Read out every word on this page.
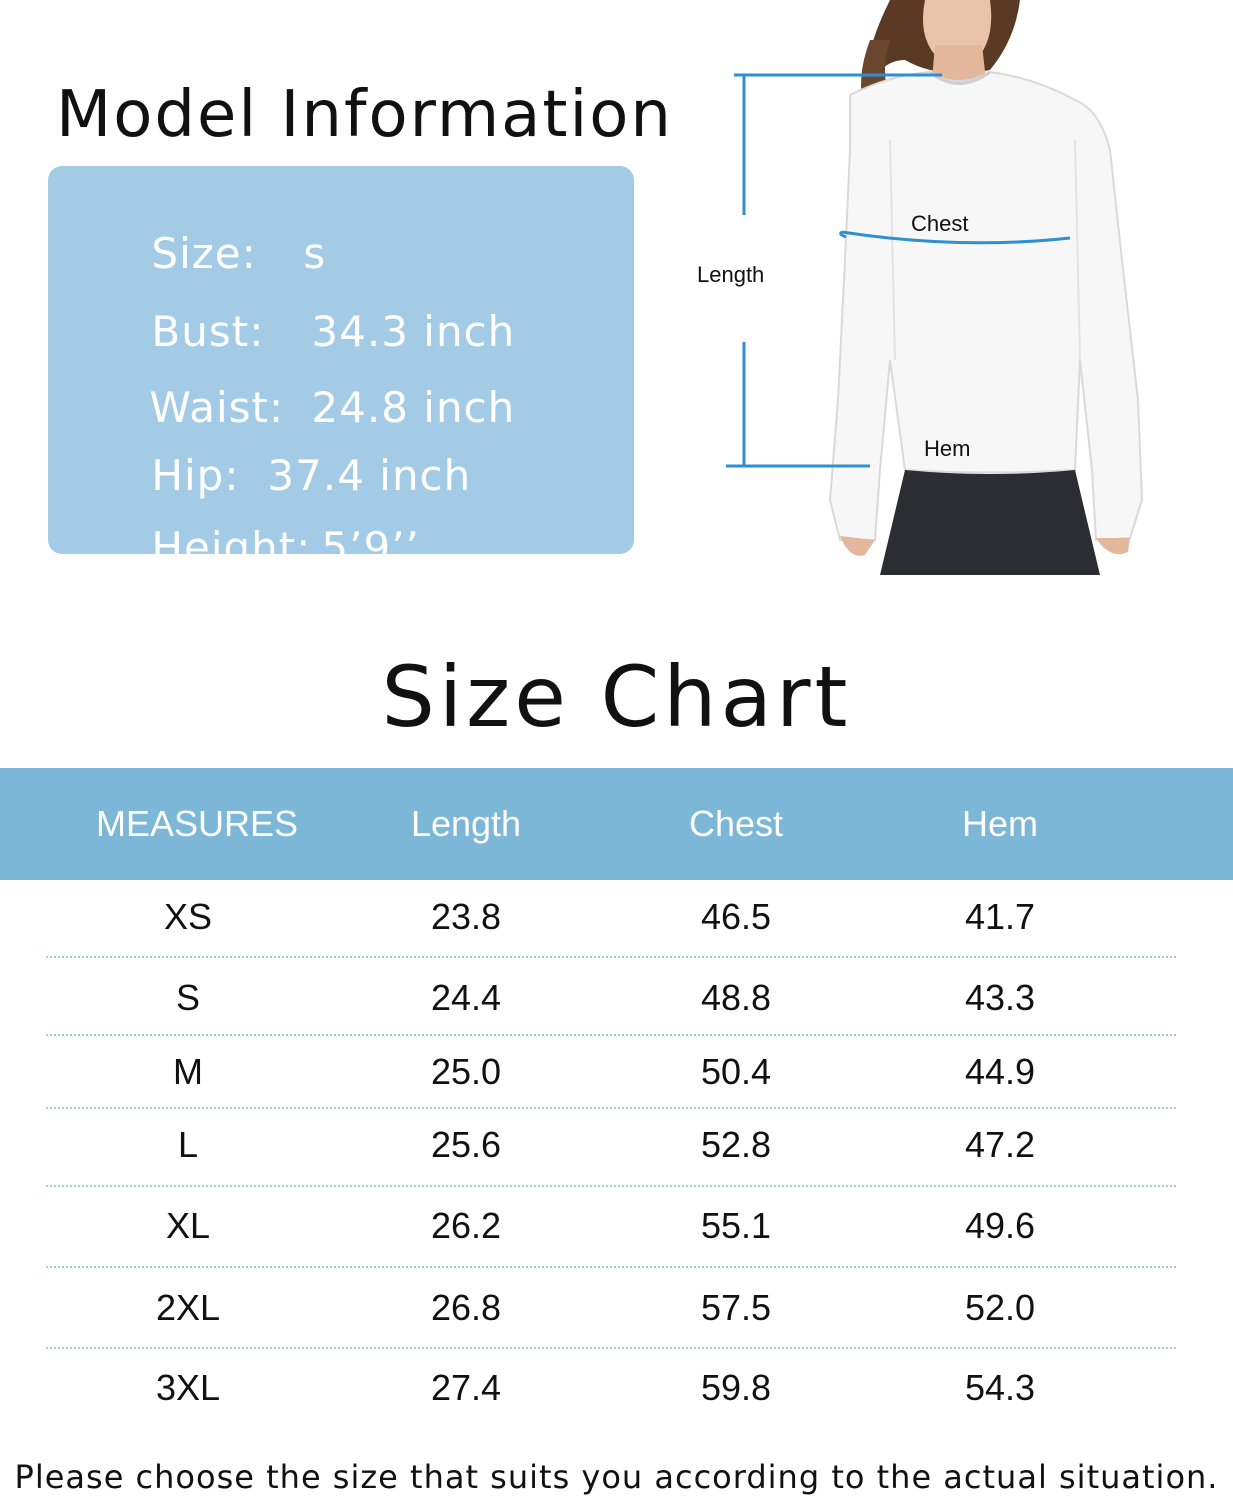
Model Information

Size: s

Bust: 34.3 inch

Waist: 24.8 inch

Hip: 37.4 inch

Height: 5’9’’

Length
Chest
Hem
Size Chart
MEASURES	Length	Chest	Hem
XS	23.8	46.5	41.7
S	24.4	48.8	43.3
M	25.0	50.4	44.9
L	25.6	52.8	47.2
XL	26.2	55.1	49.6
2XL	26.8	57.5	52.0
3XL	27.4	59.8	54.3
Please choose the size that suits you according to the actual situation.
